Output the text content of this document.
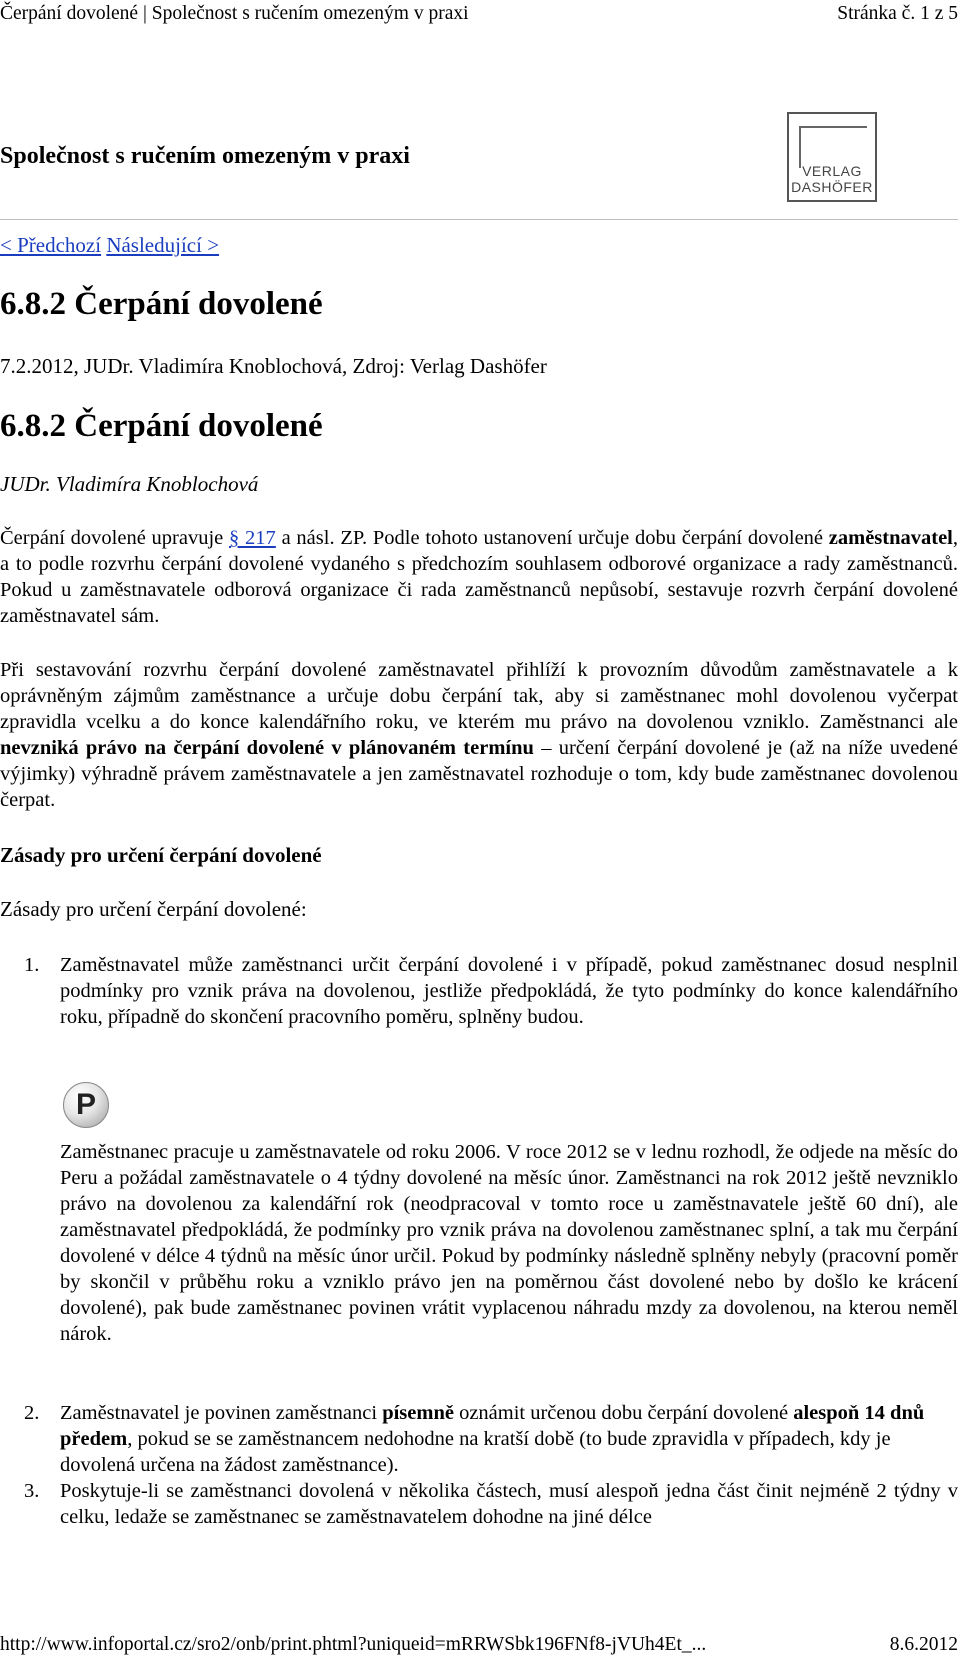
Čerpání dovolené | Společnost s ručením omezeným v praxi	Stránka č. 1 z 5
Společnost s ručením omezeným v praxi
VERLAG
DASHÖFER
< Předchozí Následující >
6.8.2 Čerpání dovolené
7.2.2012, JUDr. Vladimíra Knoblochová, Zdroj: Verlag Dashöfer
6.8.2 Čerpání dovolené
JUDr. Vladimíra Knoblochová
Čerpání dovolené upravuje § 217 a násl. ZP. Podle tohoto ustanovení určuje dobu čerpání dovolené zaměstnavatel, a to podle rozvrhu čerpání dovolené vydaného s předchozím souhlasem odborové organizace a rady zaměstnanců. Pokud u zaměstnavatele odborová organizace či rada zaměstnanců nepůsobí, sestavuje rozvrh čerpání dovolené zaměstnavatel sám.
Při sestavování rozvrhu čerpání dovolené zaměstnavatel přihlíží k provozním důvodům zaměstnavatele a k oprávněným zájmům zaměstnance a určuje dobu čerpání tak, aby si zaměstnanec mohl dovolenou vyčerpat zpravidla vcelku a do konce kalendářního roku, ve kterém mu právo na dovolenou vzniklo. Zaměstnanci ale nevzniká právo na čerpání dovolené v plánovaném termínu – určení čerpání dovolené je (až na níže uvedené výjimky) výhradně právem zaměstnavatele a jen zaměstnavatel rozhoduje o tom, kdy bude zaměstnanec dovolenou čerpat.
Zásady pro určení čerpání dovolené
Zásady pro určení čerpání dovolené:
1. Zaměstnavatel může zaměstnanci určit čerpání dovolené i v případě, pokud zaměstnanec dosud nesplnil podmínky pro vznik práva na dovolenou, jestliže předpokládá, že tyto podmínky do konce kalendářního roku, případně do skončení pracovního poměru, splněny budou.
P
Zaměstnanec pracuje u zaměstnavatele od roku 2006. V roce 2012 se v lednu rozhodl, že odjede na měsíc do Peru a požádal zaměstnavatele o 4 týdny dovolené na měsíc únor. Zaměstnanci na rok 2012 ještě nevzniklo právo na dovolenou za kalendářní rok (neodpracoval v tomto roce u zaměstnavatele ještě 60 dní), ale zaměstnavatel předpokládá, že podmínky pro vznik práva na dovolenou zaměstnanec splní, a tak mu čerpání dovolené v délce 4 týdnů na měsíc únor určil. Pokud by podmínky následně splněny nebyly (pracovní poměr by skončil v průběhu roku a vzniklo právo jen na poměrnou část dovolené nebo by došlo ke krácení dovolené), pak bude zaměstnanec povinen vrátit vyplacenou náhradu mzdy za dovolenou, na kterou neměl nárok.
2. Zaměstnavatel je povinen zaměstnanci písemně oznámit určenou dobu čerpání dovolené alespoň 14 dnů předem, pokud se se zaměstnancem nedohodne na kratší době (to bude zpravidla v případech, kdy je dovolená určena na žádost zaměstnance).
3. Poskytuje-li se zaměstnanci dovolená v několika částech, musí alespoň jedna část činit nejméně 2 týdny v celku, ledaže se zaměstnanec se zaměstnavatelem dohodne na jiné délce
http://www.infoportal.cz/sro2/onb/print.phtml?uniqueid=mRRWSbk196FNf8-jVUh4Et_...	8.6.2012
